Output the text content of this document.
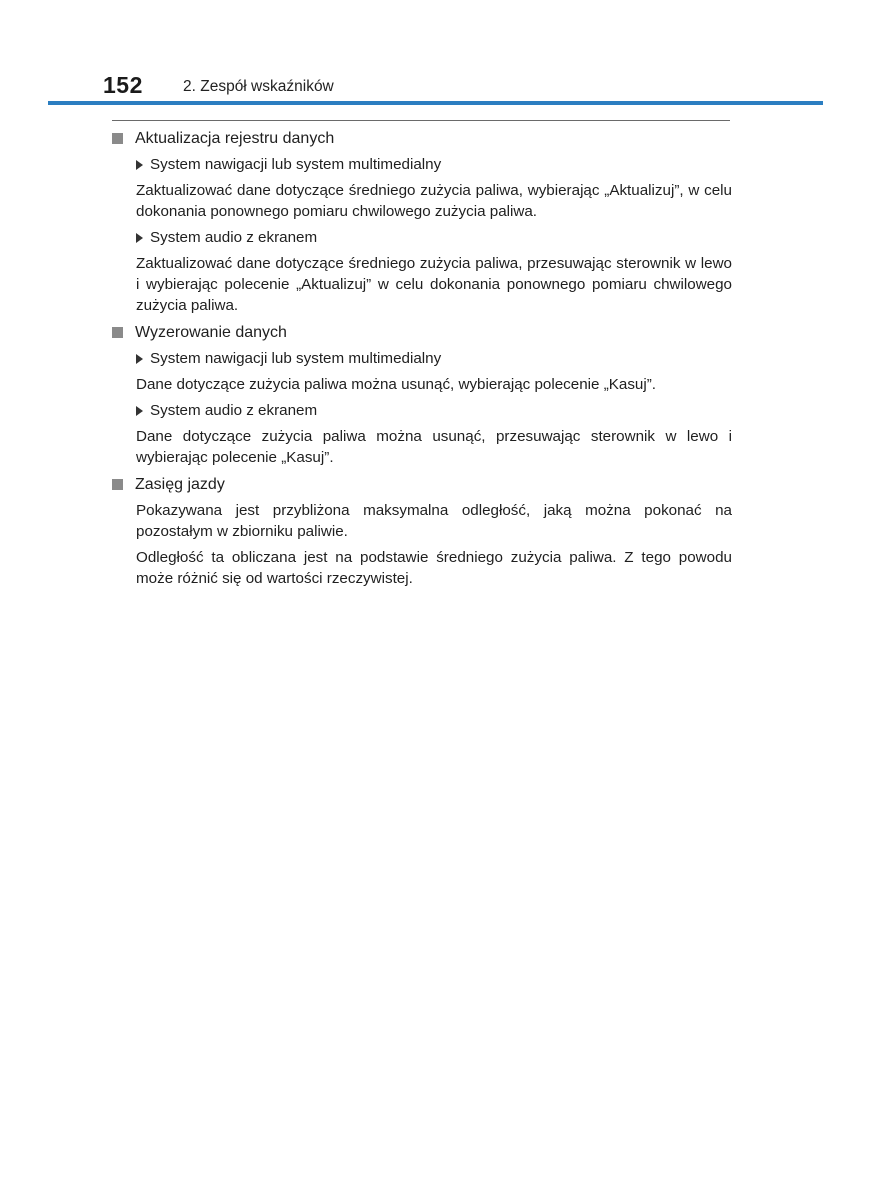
152	2. Zespół wskaźników
Aktualizacja rejestru danych
System nawigacji lub system multimedialny
Zaktualizować dane dotyczące średniego zużycia paliwa, wybierając „Aktualizuj”, w celu dokonania ponownego pomiaru chwilowego zużycia paliwa.
System audio z ekranem
Zaktualizować dane dotyczące średniego zużycia paliwa, przesuwając sterownik w lewo i wybierając polecenie „Aktualizuj” w celu dokonania ponownego pomiaru chwilowego zużycia paliwa.
Wyzerowanie danych
System nawigacji lub system multimedialny
Dane dotyczące zużycia paliwa można usunąć, wybierając polecenie „Kasuj”.
System audio z ekranem
Dane dotyczące zużycia paliwa można usunąć, przesuwając sterownik w lewo i wybierając polecenie „Kasuj”.
Zasięg jazdy
Pokazywana jest przybliżona maksymalna odległość, jaką można pokonać na pozostałym w zbiorniku paliwie.
Odległość ta obliczana jest na podstawie średniego zużycia paliwa. Z tego powodu może różnić się od wartości rzeczywistej.
